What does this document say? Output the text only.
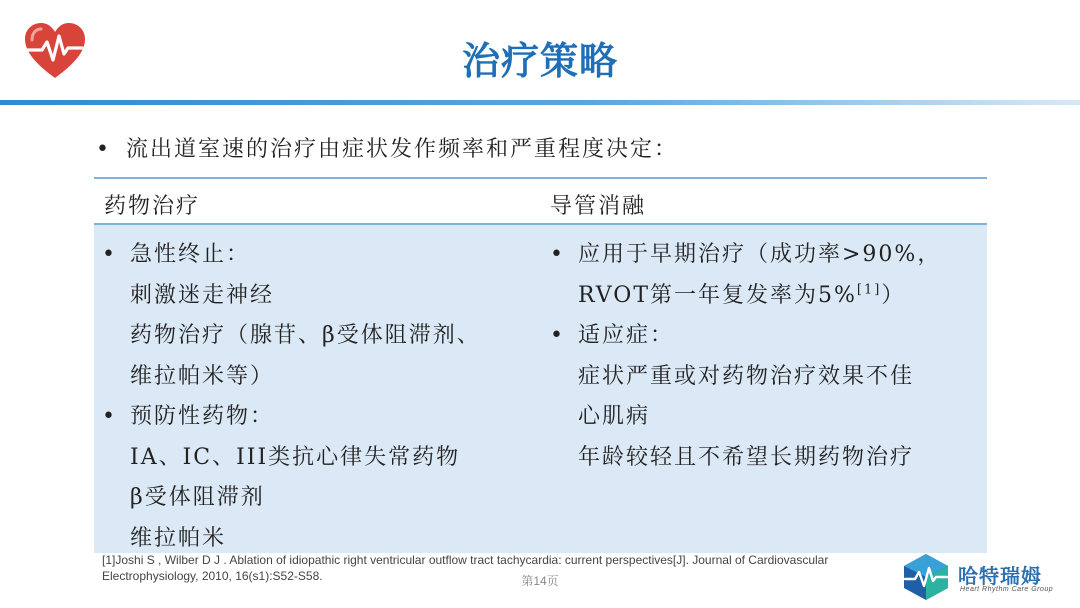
治疗策略
• 流出道室速的治疗由症状发作频率和严重程度决定：
药物治疗	导管消融
• 急性终止：
刺激迷走神经
药物治疗（腺苷、β受体阻滞剂、
维拉帕米等）
• 预防性药物：
IA、IC、III类抗心律失常药物
β受体阻滞剂
维拉帕米
• 应用于早期治疗（成功率>90%，
RVOT第一年复发率为5%[1]）
• 适应症：
症状严重或对药物治疗效果不佳
心肌病
年龄较轻且不希望长期药物治疗
[1]Joshi S , Wilber D J . Ablation of idiopathic right ventricular outflow tract tachycardia: current perspectives[J]. Journal of Cardiovascular
Electrophysiology, 2010, 16(s1):S52-S58.	第14页	哈特瑞姆
Heart Rhythm Care Group
